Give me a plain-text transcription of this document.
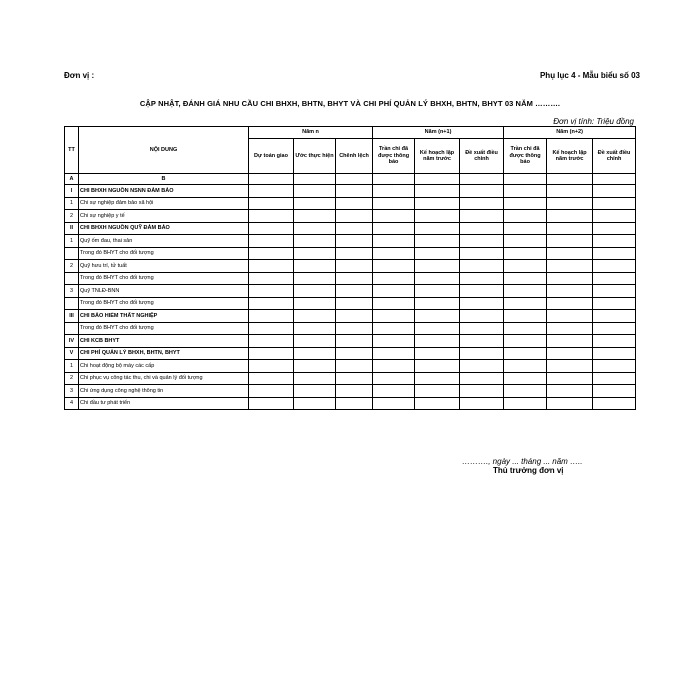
Đơn vị :	Phụ lục 4 - Mẫu biểu số 03
CẬP NHẬT, ĐÁNH GIÁ NHU CẦU CHI BHXH, BHTN, BHYT VÀ CHI PHÍ QUẢN LÝ BHXH, BHTN, BHYT 03 NĂM ……….
Đơn vị tính: Triệu đồng
TT	NỘI DUNG	Năm n			Năm (n+1)			Năm (n+2)		
		Dự toán giao	Ước thực hiện	Chênh lệch	Trần chi đã được thông báo	Kế hoạch lập năm trước	Đề xuất điều chỉnh	Trần chi đã được thông báo	Kế hoạch lập năm trước	Đề xuất điều chỉnh
A	B									
I	CHI BHXH NGUỒN NSNN ĐẢM BẢO									
1	Chi sự nghiệp đảm bảo xã hội									
2	Chi sự nghiệp y tế									
II	CHI BHXH NGUỒN QUỸ ĐẢM BẢO									
1	Quỹ ốm đau, thai sản									
	Trong đó BHYT cho đối tượng									
2	Quỹ hưu trí, tử tuất									
	Trong đó BHYT cho đối tượng									
3	Quỹ TNLĐ-BNN									
	Trong đó BHYT cho đối tượng									
III	CHI BẢO HIỂM THẤT NGHIỆP									
	Trong đó BHYT cho đối tượng									
IV	CHI KCB BHYT									
V	CHI PHÍ QUẢN LÝ BHXH, BHTN, BHYT									
1	Chi hoạt động bộ máy các cấp									
2	Chi phục vụ công tác thu, chi và quản lý đối tượng									
3	Chi ứng dụng công nghệ thông tin									
4	Chi đầu tư phát triển									
………., ngày ... tháng ... năm …..
Thủ trưởng đơn vị
